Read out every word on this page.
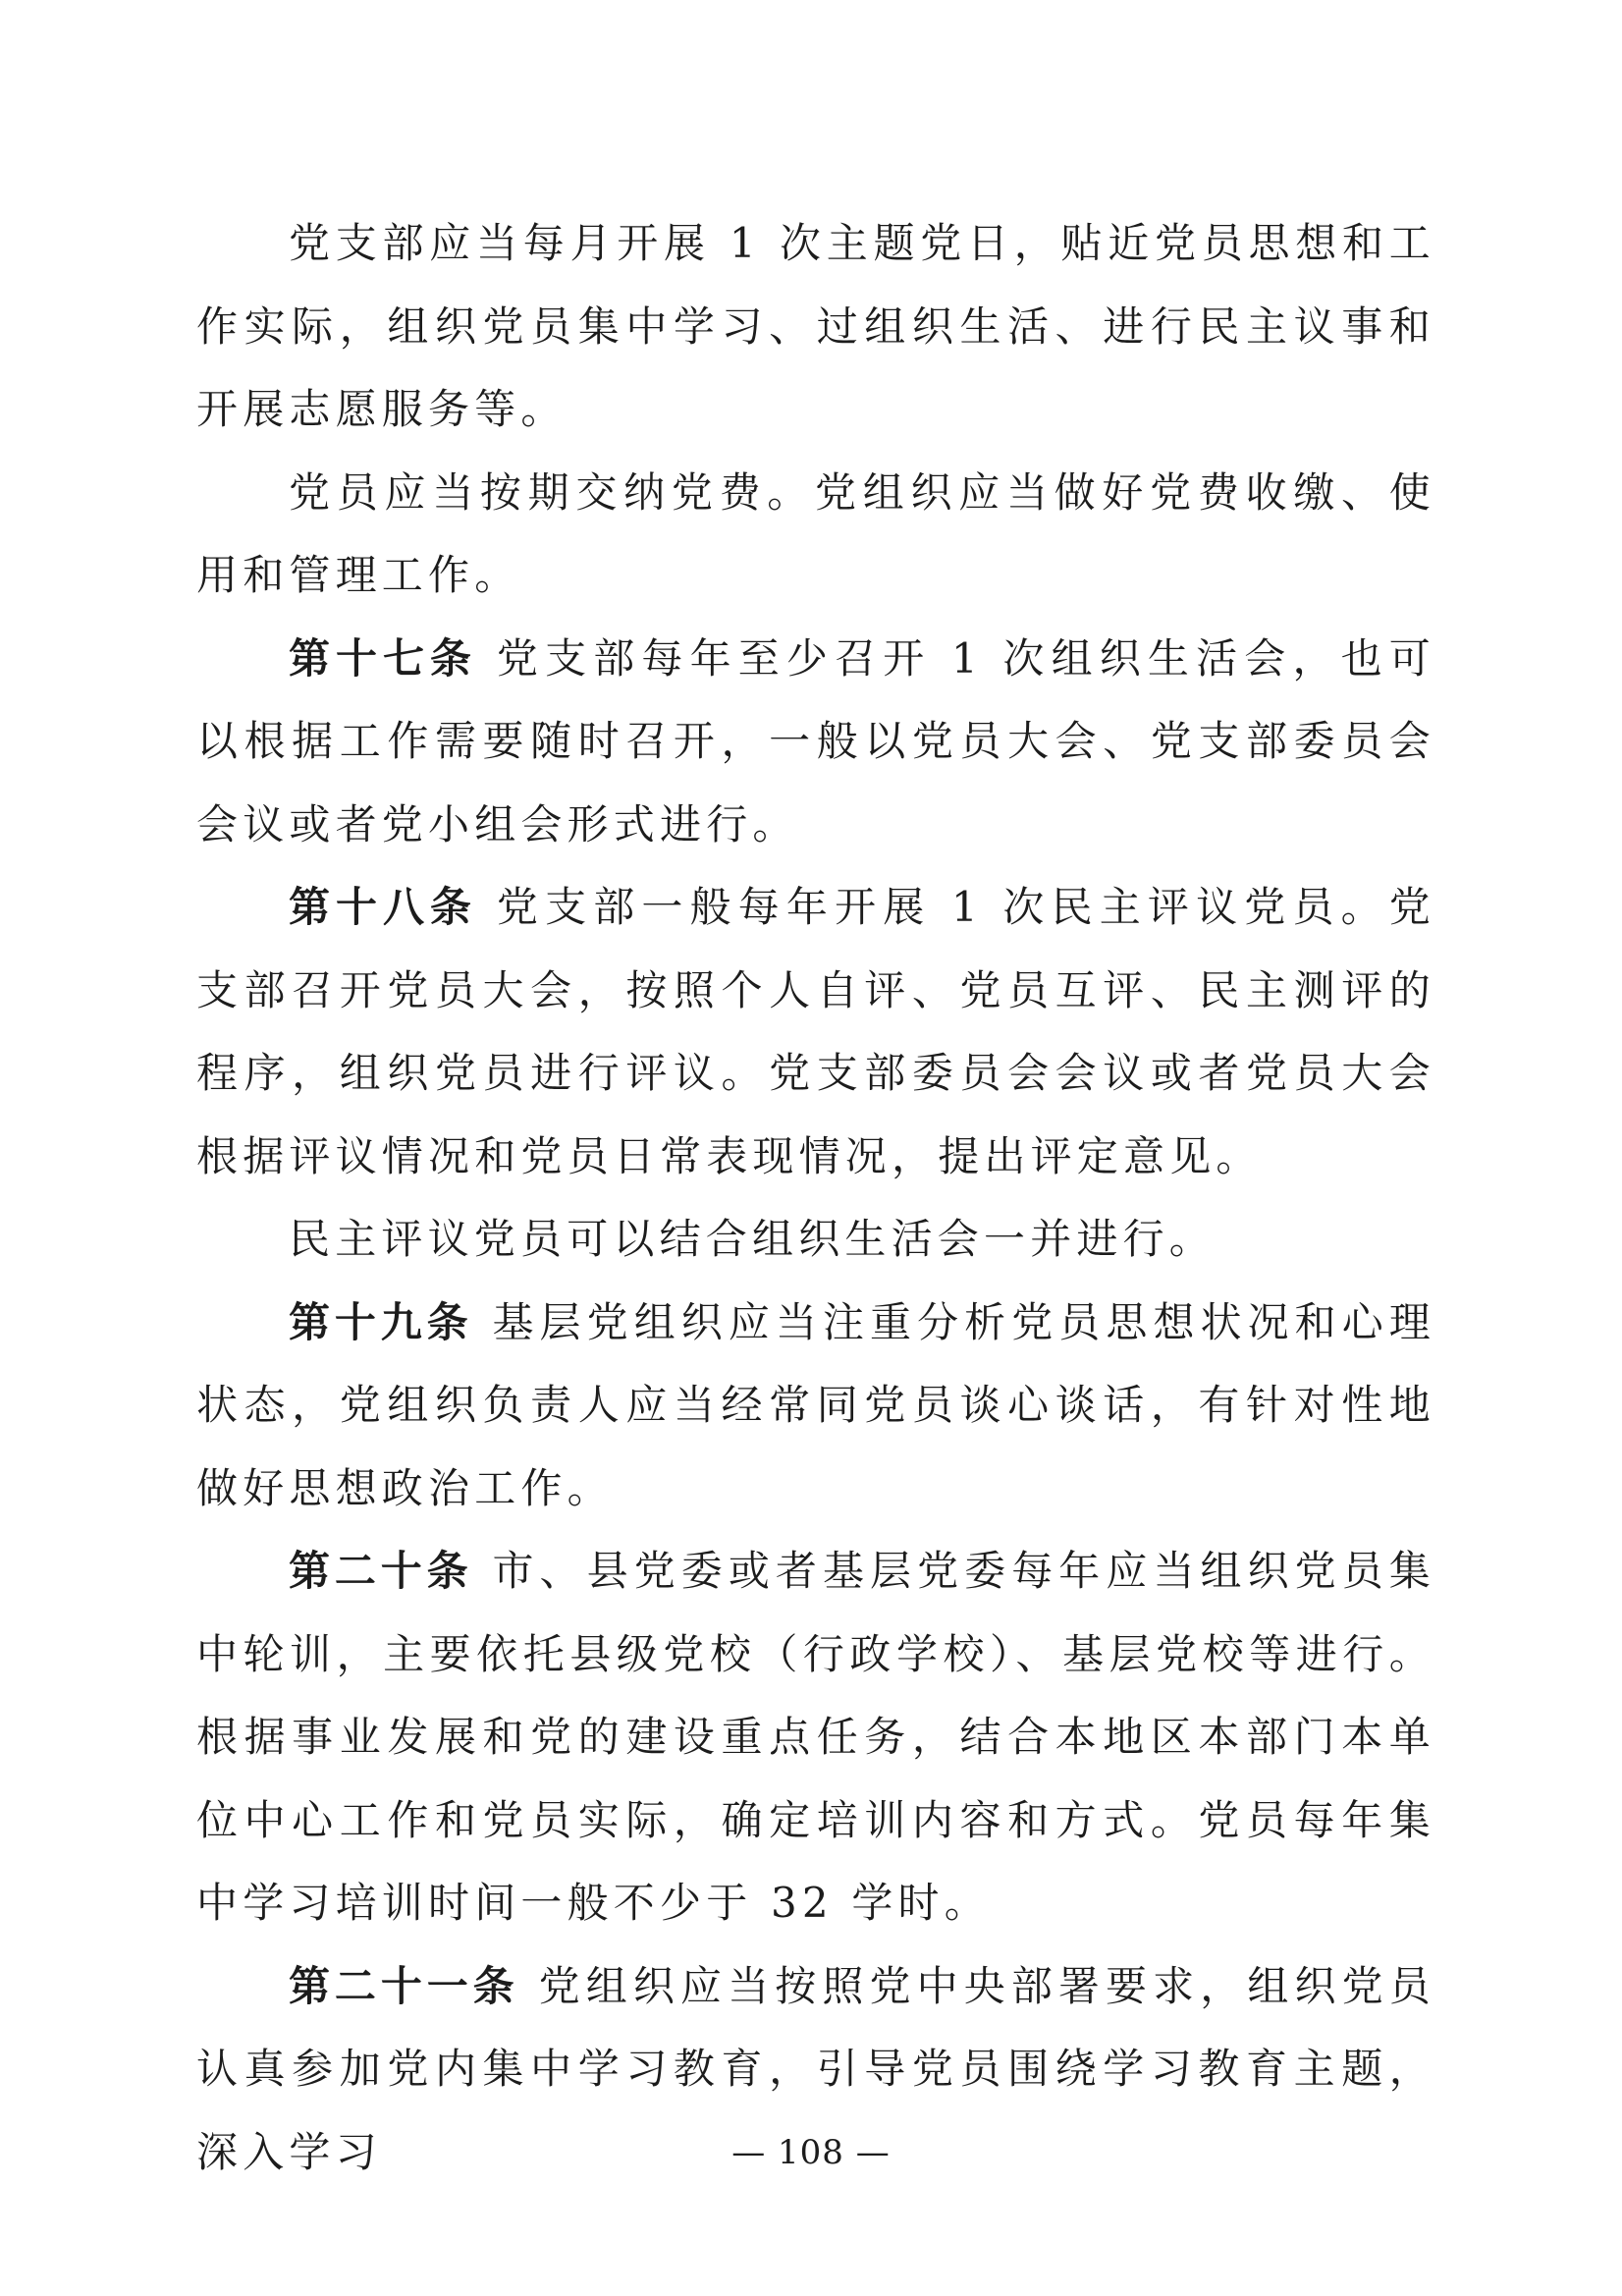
党支部应当每月开展 1 次主题党日，贴近党员思想和工作实际，组织党员集中学习、过组织生活、进行民主议事和开展志愿服务等。

党员应当按期交纳党费。党组织应当做好党费收缴、使用和管理工作。

第十七条 党支部每年至少召开 1 次组织生活会，也可以根据工作需要随时召开，一般以党员大会、党支部委员会会议或者党小组会形式进行。

第十八条 党支部一般每年开展 1 次民主评议党员。党支部召开党员大会，按照个人自评、党员互评、民主测评的程序，组织党员进行评议。党支部委员会会议或者党员大会根据评议情况和党员日常表现情况，提出评定意见。

民主评议党员可以结合组织生活会一并进行。

第十九条 基层党组织应当注重分析党员思想状况和心理状态，党组织负责人应当经常同党员谈心谈话，有针对性地做好思想政治工作。

第二十条 市、县党委或者基层党委每年应当组织党员集中轮训，主要依托县级党校（行政学校）、基层党校等进行。根据事业发展和党的建设重点任务，结合本地区本部门本单位中心工作和党员实际，确定培训内容和方式。党员每年集中学习培训时间一般不少于 32 学时。

第二十一条 党组织应当按照党中央部署要求，组织党员认真参加党内集中学习教育，引导党员围绕学习教育主题，深入学习	— 108 —
